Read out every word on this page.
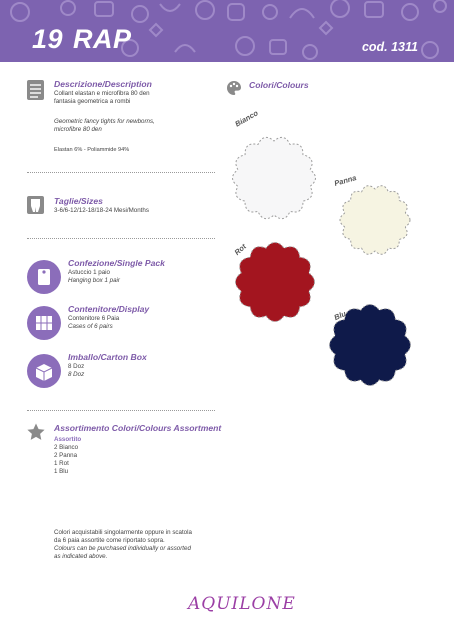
19 RAP	cod. 1311

Descrizione/Description

Collant elastan e microfibra 80 den

fantasia geometrica a rombi

Geometric fancy tights for newborns,

microfibre 80 den

Elastan 6% - Poliammide 94%

Taglie/Sizes

3-6/6-12/12-18/18-24 Mesi/Months

Confezione/Single Pack

Astuccio 1 paio

Hanging box 1 pair

Contenitore/Display

Contenitore 6 Paia

Cases of 6 pairs

Imballo/Carton Box

8 Doz

8 Doz

Assortimento Colori/Colours Assortment

Assortito

2 Bianco

2 Panna

1 Rot

1 Blu

Colori acquistabili singolarmente oppure in scatola

da 6 paia assortite come riportato sopra.

Colours can be purchased individually or assorted

as indicated above.

Colori/Colours

Bianco
Panna
Rot
Blu
AQUILONE
